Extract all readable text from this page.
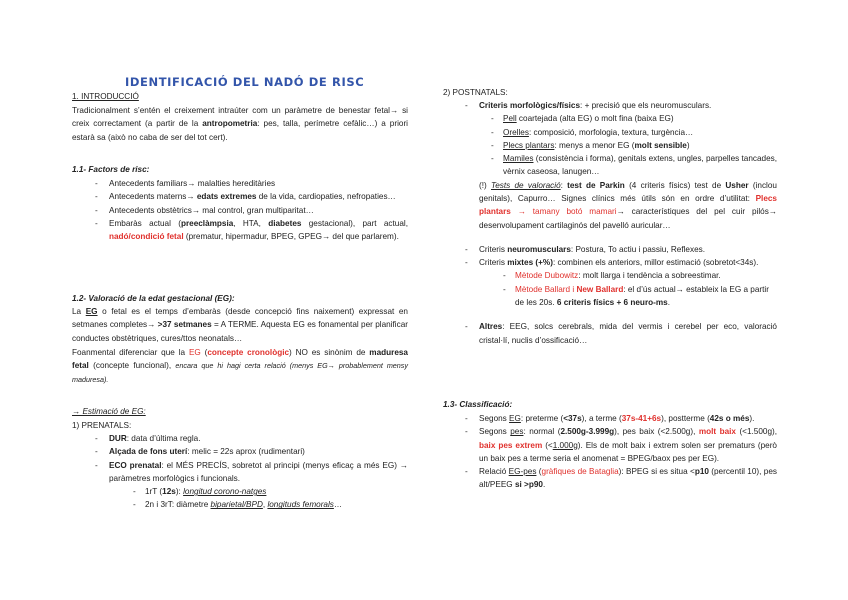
IDENTIFICACIÓ DEL NADÓ DE RISC

1. INTRODUCCIÓ

Tradicionalment s’entén el creixement intraúter com un paràmetre de benestar fetal→ si creix correctament (a partir de la antropometria: pes, talla, perímetre cefàlic…) a priori estarà sa (això no caba de ser del tot cert).

1.1- Factors de risc:

- Antecedents familiars→ malalties hereditàries

- Antecedents materns→ edats extremes de la vida, cardiopaties, nefropaties…

- Antecedents obstètrics→ mal control, gran multiparitat…

- Embaràs actual (preeclàmpsia, HTA, diabetes gestacional), part actual, nadó/condició fetal (prematur, hipermadur, BPEG, GPEG→ del que parlarem).

1.2- Valoració de la edat gestacional (EG):

La EG o fetal es el temps d’embaràs (desde concepció fins naixement) expressat en setmanes completes→ >37 setmanes = A TERME. Aquesta EG es fonamental per planificar conductes obstètriques, cures/ttos neonatals…

Foanmental diferenciar que la EG (concepte cronològic) NO es sinònim de maduresa fetal (concepte funcional), encara que hi hagi certa relació (menys EG→ probablement mensy maduresa).

→ Estimació de EG:

1) PRENATALS:

- DUR: data d’última regla.

- Alçada de fons uterí: melic = 22s aprox (rudimentari)

- ECO prenatal: el MÉS PRECÍS, sobretot al principi (menys eficaç a més EG) → paràmetres morfològics i funcionals.

- 1rT (12s): longitud corono-natges

- 2n i 3rT: diàmetre biparietal/BPD, longituds femorals…

2) POSTNATALS:

- Criteris morfològics/físics: + precisió que els neuromusculars.

- Pell coartejada (alta EG) o molt fina (baixa EG)

- Orelles: composició, morfologia, textura, turgència…

- Plecs plantars: menys a menor EG (molt sensible)

- Mamiles (consistència i forma), genitals extens, ungles, parpelles tancades, vèrnix caseosa, lanugen…

(!) Tests de valoració: test de Parkin (4 criteris físics) test de Usher (inclou genitals), Capurro… Signes clínics més útils són en ordre d’utilitat: Plecs plantars → tamany botó mamari→ característiques del pel cuir pilós→ desenvolupament cartilaginós del pavelló auricular…

- Criteris neuromusculars: Postura, To actiu i passiu, Reflexes.

- Criteris mixtes (+%): combinen els anteriors, millor estimació (sobretot<34s).

- Mètode Dubowitz: molt llarga i tendència a sobreestimar.

- Mètode Ballard i New Ballard: el d’ús actual→ estableix la EG a partir de les 20s. 6 criteris físics + 6 neuro-ms.

- Altres: EEG, solcs cerebrals, mida del vermis i cerebel per eco, valoració cristal·lí, nuclis d’ossificació…

1.3- Classificació:

- Segons EG: preterme (<37s), a terme (37s-41+6s), postterme (42s o més).

- Segons pes: normal (2.500g-3.999g), pes baix (<2.500g), molt baix (<1.500g), baix pes extrem (<1.000g). Els de molt baix i extrem solen ser prematurs (però un baix pes a terme seria el anomenat = BPEG/baox pes per EG).

- Relació EG-pes (gràfiques de Bataglia): BPEG si es situa <p10 (percentil 10), pes alt/PEEG si >p90.
